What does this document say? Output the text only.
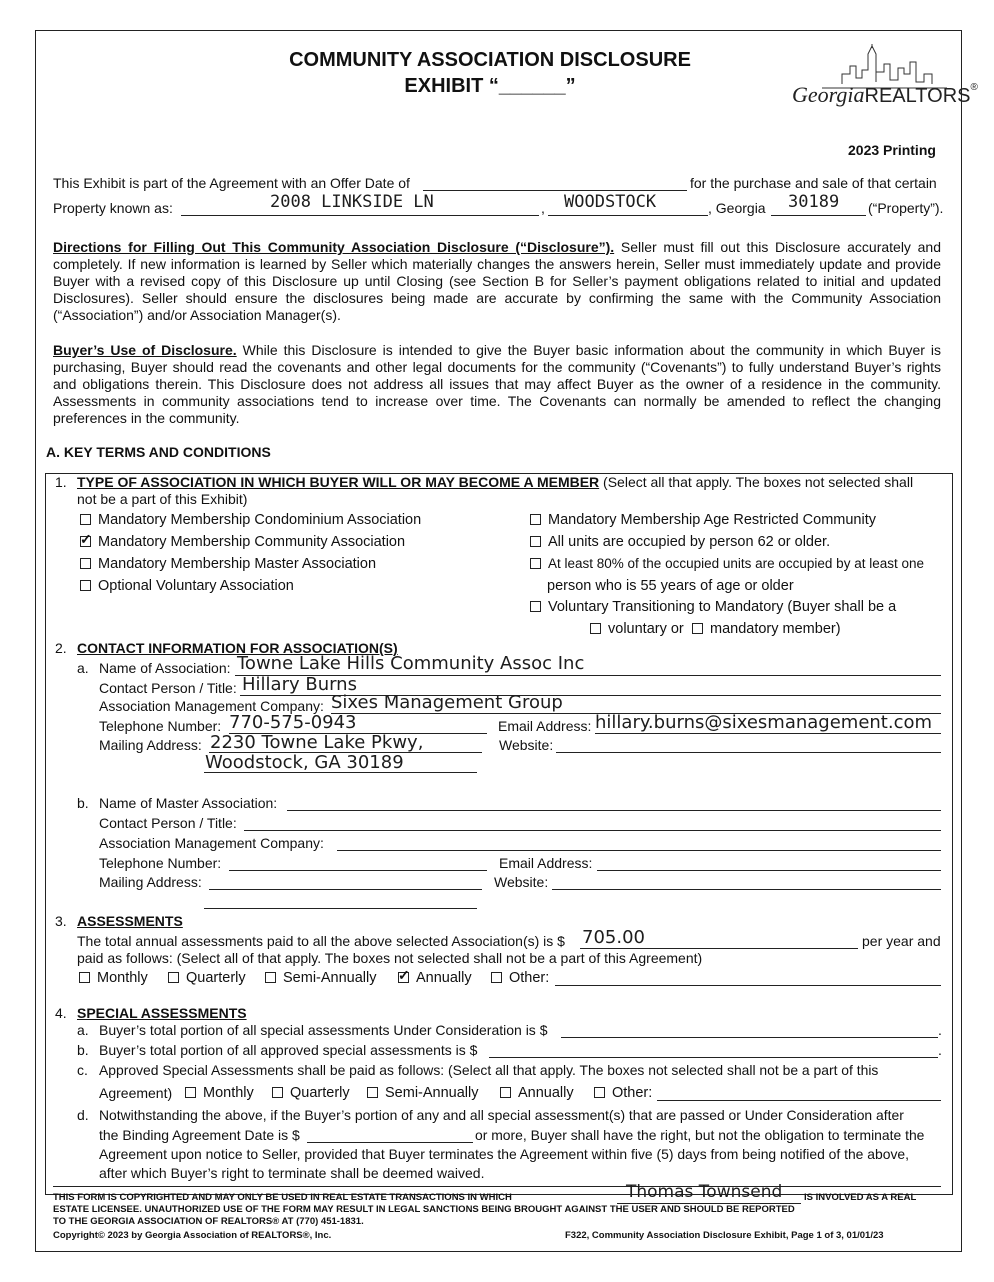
COMMUNITY ASSOCIATION DISCLOSURE
EXHIBIT “______”	GeorgiaREALTORS®
2023 Printing
This Exhibit is part of the Agreement with an Offer Date of	for the purchase and sale of that certain
Property known as:	2008 LINKSIDE LN	, WOODSTOCK	, Georgia 30189 (“Property”).
Directions for Filling Out This Community Association Disclosure (“Disclosure”). Seller must fill out this Disclosure accurately and completely. If new information is learned by Seller which materially changes the answers herein, Seller must immediately update and provide Buyer with a revised copy of this Disclosure up until Closing (see Section B for Seller’s payment obligations related to initial and updated Disclosures). Seller should ensure the disclosures being made are accurate by confirming the same with the Community Association (“Association”) and/or Association Manager(s).
Buyer’s Use of Disclosure. While this Disclosure is intended to give the Buyer basic information about the community in which Buyer is purchasing, Buyer should read the covenants and other legal documents for the community (“Covenants”) to fully understand Buyer’s rights and obligations therein. This Disclosure does not address all issues that may affect Buyer as the owner of a residence in the community. Assessments in community associations tend to increase over time. The Covenants can normally be amended to reflect the changing preferences in the community.
A. KEY TERMS AND CONDITIONS
1. TYPE OF ASSOCIATION IN WHICH BUYER WILL OR MAY BECOME A MEMBER (Select all that apply. The boxes not selected shall
not be a part of this Exhibit)
Mandatory Membership Condominium Association
✓Mandatory Membership Community Association
Mandatory Membership Master Association
Optional Voluntary Association
Mandatory Membership Age Restricted Community
All units are occupied by person 62 or older.
At least 80% of the occupied units are occupied by at least one
person who is 55 years of age or older
Voluntary Transitioning to Mandatory (Buyer shall be a
voluntary or	mandatory member)
2. CONTACT INFORMATION FOR ASSOCIATION(S)
a. Name of Association: Towne Lake Hills Community Assoc Inc
Contact Person / Title: Hillary Burns
Association Management Company: Sixes Management Group
Telephone Number: 770-575-0943	Email Address: hillary.burns@sixesmanagement.com
Mailing Address: 2230 Towne Lake Pkwy,
Woodstock, GA 30189
Website:
b. Name of Master Association:
Contact Person / Title:
Association Management Company:
Telephone Number:	Email Address:
Mailing Address:	Website:
3. ASSESSMENTS
The total annual assessments paid to all the above selected Association(s) is $ 705.00	per year and
paid as follows: (Select all of that apply. The boxes not selected shall not be a part of this Agreement)
Monthly	Quarterly	Semi-Annually
✓	Annually	Other:
4. SPECIAL ASSESSMENTS
a. Buyer’s total portion of all special assessments Under Consideration is $	.
b. Buyer’s total portion of all approved special assessments is $	.
c. Approved Special Assessments shall be paid as follows: (Select all that apply. The boxes not selected shall not be a part of this
Agreement)	Monthly	Quarterly	Semi-Annually	Annually	Other:
d. Notwithstanding the above, if the Buyer’s portion of any and all special assessment(s) that are passed or Under Consideration after
the Binding Agreement Date is $	or more, Buyer shall have the right, but not the obligation to terminate the
Agreement upon notice to Seller, provided that Buyer terminates the Agreement within five (5) days from being notified of the above,
after which Buyer’s right to terminate shall be deemed waived.
THIS FORM IS COPYRIGHTED AND MAY ONLY BE USED IN REAL ESTATE TRANSACTIONS IN WHICH	Thomas Townsend IS INVOLVED AS A REAL
ESTATE LICENSEE. UNAUTHORIZED USE OF THE FORM MAY RESULT IN LEGAL SANCTIONS BEING BROUGHT AGAINST THE USER AND SHOULD BE REPORTED
TO THE GEORGIA ASSOCIATION OF REALTORS® AT (770) 451-1831.
Copyright© 2023 by Georgia Association of REALTORS®, Inc.	F322, Community Association Disclosure Exhibit, Page 1 of 3, 01/01/23
